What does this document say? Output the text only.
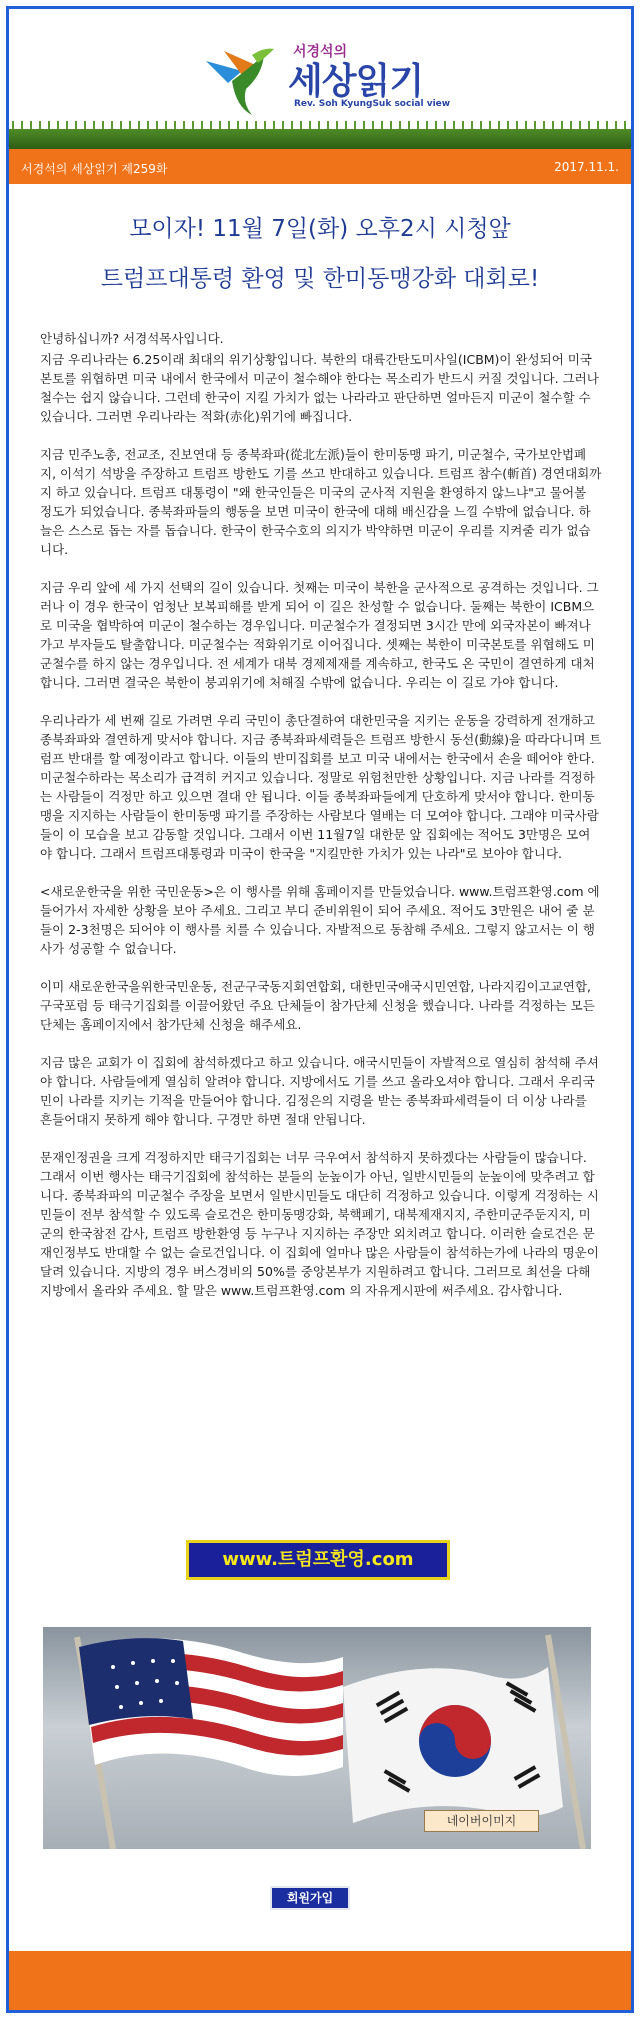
서경석의
세상읽기
Rev. Soh KyungSuk social view
서경석의 세상읽기 제259화	2017.11.1.
모이자! 11월 7일(화) 오후2시 시청앞
트럼프대통령 환영 및 한미동맹강화 대회로!

안녕하십니까? 서경석목사입니다.

지금 우리나라는 6.25이래 최대의 위기상황입니다. 북한의 대륙간탄도미사일(ICBM)이 완성되어 미국본토를 위협하면 미국 내에서 한국에서 미군이 철수해야 한다는 목소리가 반드시 커질 것입니다. 그러나 철수는 쉽지 않습니다. 그런데 한국이 지킬 가치가 없는 나라라고 판단하면 얼마든지 미군이 철수할 수 있습니다. 그러면 우리나라는 적화(赤化)위기에 빠집니다.

지금 민주노총, 전교조, 진보연대 등 종북좌파(從北左派)들이 한미동맹 파기, 미군철수, 국가보안법폐지, 이석기 석방을 주장하고 트럼프 방한도 기를 쓰고 반대하고 있습니다. 트럼프 참수(斬首) 경연대회까지 하고 있습니다. 트럼프 대통령이 "왜 한국인들은 미국의 군사적 지원을 환영하지 않느냐"고 물어볼 정도가 되었습니다. 종북좌파들의 행동을 보면 미국이 한국에 대해 배신감을 느낄 수밖에 없습니다. 하늘은 스스로 돕는 자를 돕습니다. 한국이 한국수호의 의지가 박약하면 미군이 우리를 지켜줄 리가 없습니다.

지금 우리 앞에 세 가지 선택의 길이 있습니다. 첫째는 미국이 북한을 군사적으로 공격하는 것입니다. 그러나 이 경우 한국이 엄청난 보복피해를 받게 되어 이 길은 찬성할 수 없습니다. 둘째는 북한이 ICBM으로 미국을 협박하여 미군이 철수하는 경우입니다. 미군철수가 결정되면 3시간 만에 외국자본이 빠져나가고 부자들도 탈출합니다. 미군철수는 적화위기로 이어집니다. 셋째는 북한이 미국본토를 위협해도 미군철수를 하지 않는 경우입니다. 전 세계가 대북 경제제재를 계속하고, 한국도 온 국민이 결연하게 대처합니다. 그러면 결국은 북한이 붕괴위기에 처해질 수밖에 없습니다. 우리는 이 길로 가야 합니다.

우리나라가 세 번째 길로 가려면 우리 국민이 총단결하여 대한민국을 지키는 운동을 강력하게 전개하고 종북좌파와 결연하게 맞서야 합니다. 지금 종북좌파세력들은 트럼프 방한시 동선(動線)을 따라다니며 트럼프 반대를 할 예정이라고 합니다. 이들의 반미집회를 보고 미국 내에서는 한국에서 손을 떼어야 한다. 미군철수하라는 목소리가 급격히 커지고 있습니다. 정말로 위험천만한 상황입니다. 지금 나라를 걱정하는 사람들이 걱정만 하고 있으면 결대 안 됩니다. 이들 종북좌파들에게 단호하게 맞서야 합니다. 한미동맹을 지지하는 사람들이 한미동맹 파기를 주장하는 사람보다 열배는 더 모여야 합니다. 그래야 미국사람들이 이 모습을 보고 감동할 것입니다. 그래서 이번 11월7일 대한문 앞 집회에는 적어도 3만명은 모여야 합니다. 그래서 트럼프대통령과 미국이 한국을 "지킬만한 가치가 있는 나라"로 보아야 합니다.

<새로운한국을 위한 국민운동>은 이 행사를 위해 홈페이지를 만들었습니다. www.트럼프환영.com 에 들어가서 자세한 상황을 보아 주세요. 그리고 부디 준비위원이 되어 주세요. 적어도 3만원은 내어 줄 분들이 2-3천명은 되어야 이 행사를 치를 수 있습니다. 자발적으로 동참해 주세요. 그렇지 않고서는 이 행사가 성공할 수 없습니다.

이미 새로운한국을위한국민운동, 전군구국동지회연합회, 대한민국애국시민연합, 나라지킴이고교연합, 구국포럼 등 태극기집회를 이끌어왔던 주요 단체들이 참가단체 신청을 했습니다. 나라를 걱정하는 모든 단체는 홈페이지에서 참가단체 신청을 해주세요.

지금 많은 교회가 이 집회에 참석하겠다고 하고 있습니다. 애국시민들이 자발적으로 열심히 참석해 주셔야 합니다. 사람들에게 열심히 알려야 합니다. 지방에서도 기를 쓰고 올라오셔야 합니다. 그래서 우리국민이 나라를 지키는 기적을 만들어야 합니다. 김정은의 지령을 받는 종북좌파세력들이 더 이상 나라를 흔들어대지 못하게 해야 합니다. 구경만 하면 절대 안됩니다.

문재인정권을 크게 걱정하지만 태극기집회는 너무 극우여서 참석하지 못하겠다는 사람들이 많습니다. 그래서 이번 행사는 태극기집회에 참석하는 분들의 눈높이가 아닌, 일반시민들의 눈높이에 맞추려고 합니다. 종북좌파의 미군철수 주장을 보면서 일반시민들도 대단히 걱정하고 있습니다. 이렇게 걱정하는 시민들이 전부 참석할 수 있도록 슬로건은 한미동맹강화, 북핵폐기, 대북제재지지, 주한미군주둔지지, 미군의 한국참전 감사, 트럼프 방한환영 등 누구나 지지하는 주장만 외치려고 합니다. 이러한 슬로건은 문재인정부도 반대할 수 없는 슬로건입니다. 이 집회에 얼마나 많은 사람들이 참석하는가에 나라의 명운이 달려 있습니다. 지방의 경우 버스경비의 50%를 중앙본부가 지원하려고 합니다. 그러므로 최선을 다해 지방에서 올라와 주세요. 할 말은 www.트럼프환영.com 의 자유게시판에 써주세요. 감사합니다.

www.트럼프환영.com
네이버이미지
회원가입
